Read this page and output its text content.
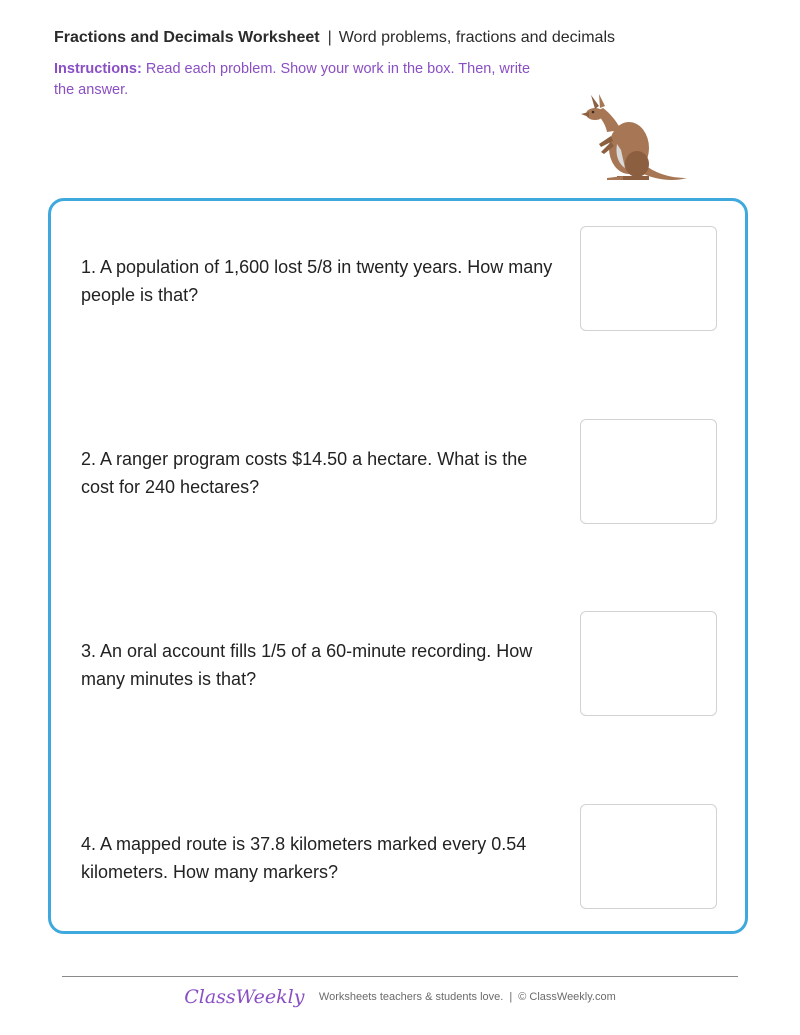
Fractions and Decimals Worksheet | Word problems, fractions and decimals
Instructions: Read each problem. Show your work in the box. Then, write the answer.
1. A population of 1,600 lost 5/8 in twenty years. How many people is that?
2. A ranger program costs $14.50 a hectare. What is the cost for 240 hectares?
3. An oral account fills 1/5 of a 60-minute recording. How many minutes is that?
4. A mapped route is 37.8 kilometers marked every 0.54 kilometers. How many markers?
ClassWeekly Worksheets teachers & students love. | © ClassWeekly.com
